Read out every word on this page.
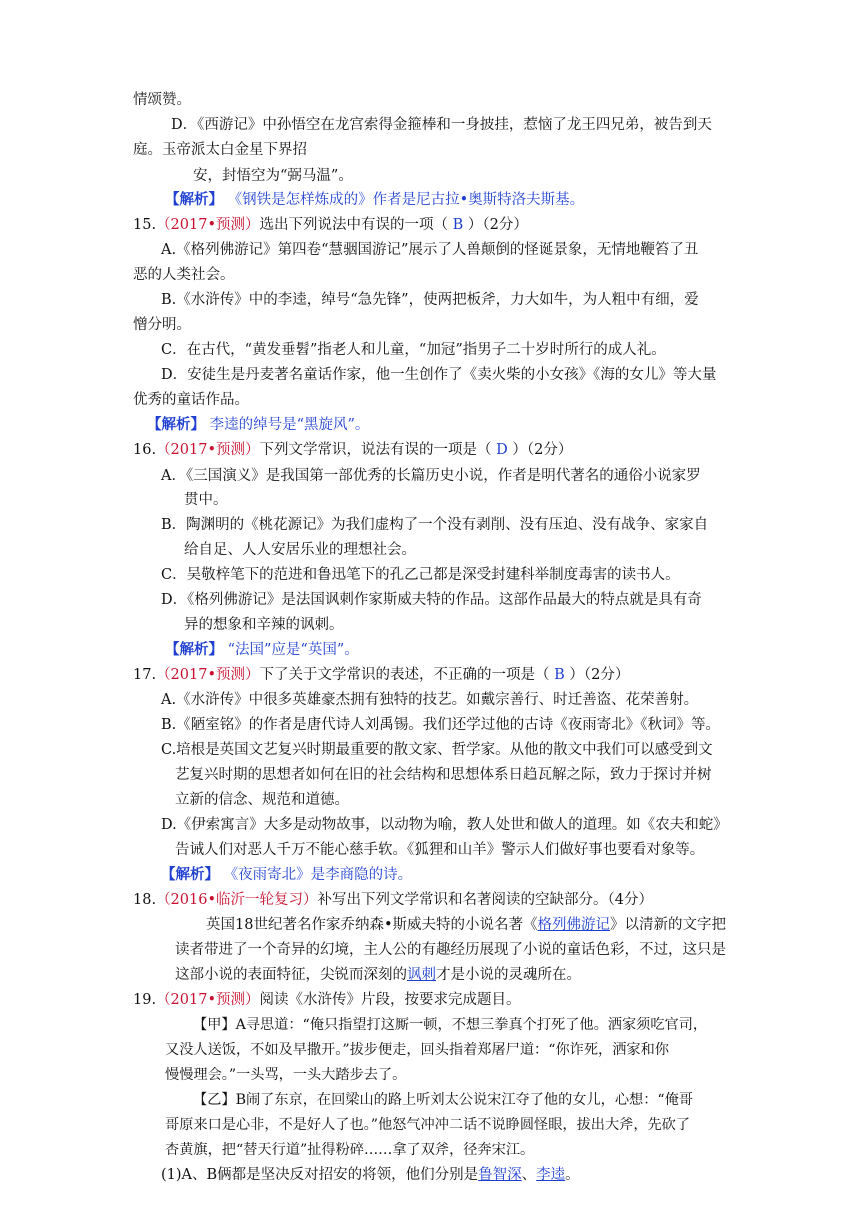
情颂赞。
D．《西游记》中孙悟空在龙宫索得金箍棒和一身披挂，惹恼了龙王四兄弟，被告到天
庭。玉帝派太白金星下界招
安，封悟空为“弼马温”。
【解析】 《钢铁是怎样炼成的》作者是尼古拉•奥斯特洛夫斯基。
15.（2017•预测）选出下列说法中有误的一项（ B ）（2分）
A.《格列佛游记》第四卷“慧骃国游记”展示了人兽颠倒的怪诞景象，无情地鞭笞了丑
恶的人类社会。
B.《水浒传》中的李逵，绰号“急先锋”，使两把板斧，力大如牛，为人粗中有细，爱
憎分明。
C．在古代，“黄发垂髫”指老人和儿童，“加冠”指男子二十岁时所行的成人礼。
D．安徒生是丹麦著名童话作家，他一生创作了《卖火柴的小女孩》《海的女儿》等大量
优秀的童话作品。
【解析】 李逵的绰号是“黑旋风”。
16.（2017•预测）下列文学常识，说法有误的一项是（ D ）（2分）
A．《三国演义》是我国第一部优秀的长篇历史小说，作者是明代著名的通俗小说家罗
贯中。
B．陶渊明的《桃花源记》为我们虚构了一个没有剥削、没有压迫、没有战争、家家自
给自足、人人安居乐业的理想社会。
C．吴敬梓笔下的范进和鲁迅笔下的孔乙己都是深受封建科举制度毒害的读书人。
D．《格列佛游记》是法国讽刺作家斯威夫特的作品。这部作品最大的特点就是具有奇
异的想象和辛辣的讽刺。
【解析】 “法国”应是“英国”。
17.（2017•预测）下了关于文学常识的表述，不正确的一项是（ B ）（2分）
A.《水浒传》中很多英雄豪杰拥有独特的技艺。如戴宗善行、时迁善盗、花荣善射。
B.《陋室铭》的作者是唐代诗人刘禹锡。我们还学过他的古诗《夜雨寄北》《秋词》等。
C.培根是英国文艺复兴时期最重要的散文家、哲学家。从他的散文中我们可以感受到文
艺复兴时期的思想者如何在旧的社会结构和思想体系日趋瓦解之际，致力于探讨并树
立新的信念、规范和道德。
D.《伊索寓言》大多是动物故事，以动物为喻，教人处世和做人的道理。如《农夫和蛇》
告诫人们对恶人千万不能心慈手软。《狐狸和山羊》警示人们做好事也要看对象等。
【解析】 《夜雨寄北》是李商隐的诗。
18.（2016•临沂一轮复习）补写出下列文学常识和名著阅读的空缺部分。（4分）
英国18世纪著名作家乔纳森•斯威夫特的小说名著《格列佛游记》以清新的文字把
读者带进了一个奇异的幻境，主人公的有趣经历展现了小说的童话色彩，不过，这只是
这部小说的表面特征，尖锐而深刻的讽刺才是小说的灵魂所在。
19.（2017•预测）阅读《水浒传》片段，按要求完成题目。
【甲】A寻思道：“俺只指望打这厮一顿，不想三拳真个打死了他。洒家须吃官司，
又没人送饭，不如及早撒开。”拔步便走，回头指着郑屠尸道：“你诈死，洒家和你
慢慢理会。”一头骂，一头大踏步去了。
【乙】B闹了东京，在回梁山的路上听刘太公说宋江夺了他的女儿，心想：“俺哥
哥原来口是心非，不是好人了也。”他怒气冲冲二话不说睁圆怪眼，拔出大斧，先砍了
杏黄旗，把“替天行道”扯得粉碎……拿了双斧，径奔宋江。
(1)A、B俩都是坚决反对招安的将领，他们分别是鲁智深、李逵。
